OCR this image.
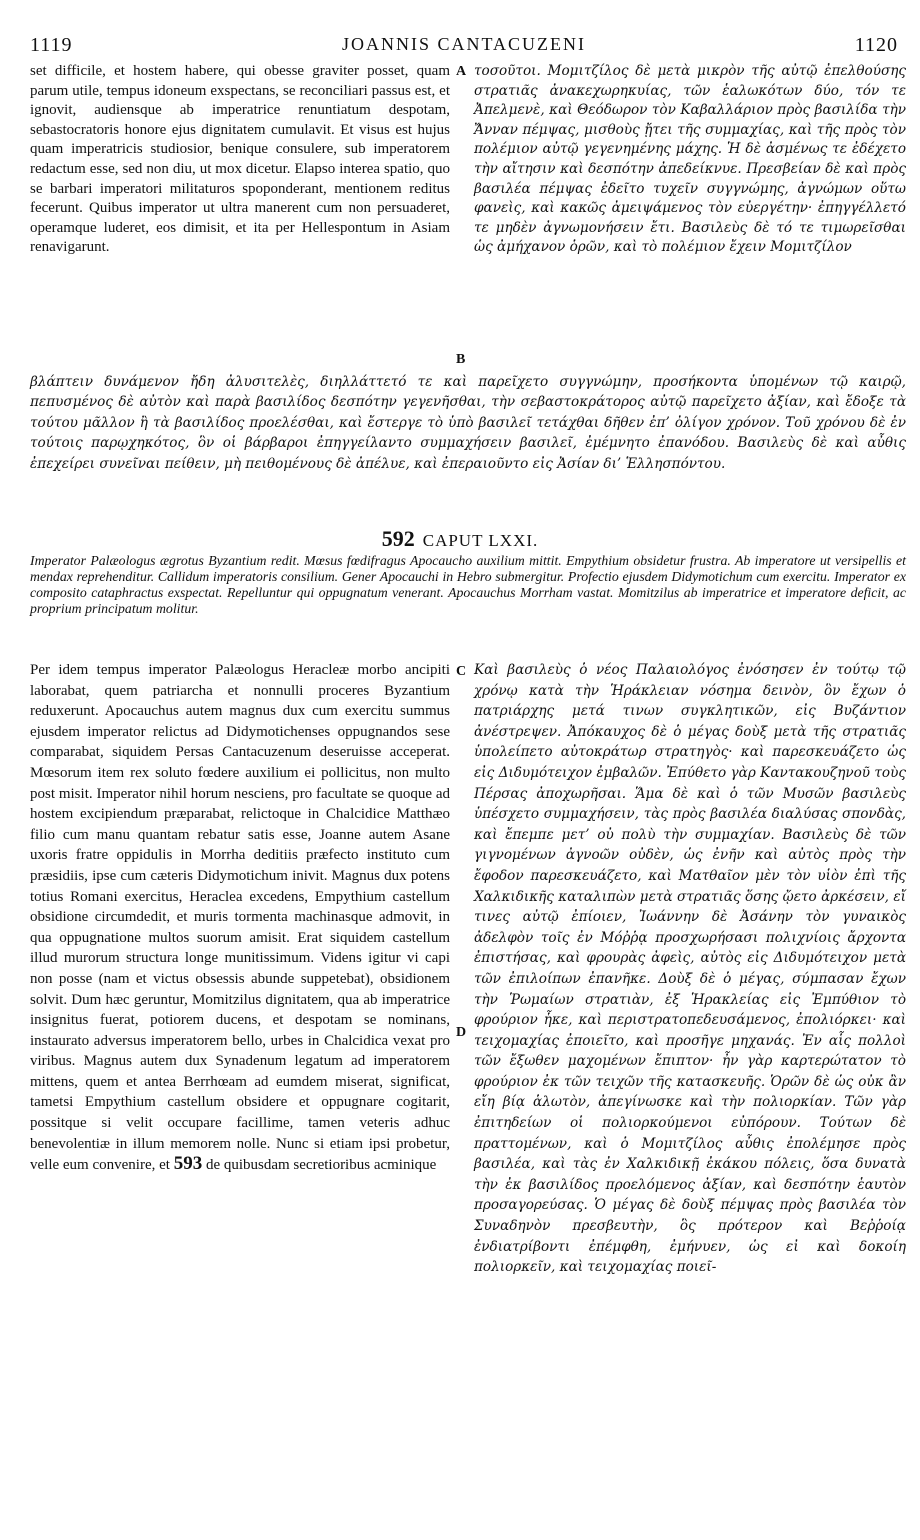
1119	JOANNIS CANTACUZENI	1120

set difficile, et hostem habere, qui obesse graviter posset, quam parum utile, tempus idoneum exspectans, se reconciliari passus est, et ignovit, audiensque ab imperatrice renuntiatum despotam, sebastocratoris honore ejus dignitatem cumulavit. Et visus est hujus quam imperatricis studiosior, benique consulere, sub imperatorem redactum esse, sed non diu, ut mox dicetur. Elapso interea spatio, quo se barbari imperatori militaturos spoponderant, mentionem reditus fecerunt. Quibus imperator ut ultra manerent cum non persuaderet, operamque luderet, eos dimisit, et ita per Hellespontum in Asiam renavigarunt.

A
B

τοσοῦτοι. Μομιτζίλος δὲ μετὰ μικρὸν τῆς αὐτῷ ἐπελθούσης στρατιᾶς ἀνακεχωρηκυίας, τῶν ἑαλωκότων δύο, τόν τε Ἀπελμενὲ, καὶ Θεόδωρον τὸν Καβαλλάριον πρὸς βασιλίδα τὴν Ἄνναν πέμψας, μισθοὺς ᾔτει τῆς συμμαχίας, καὶ τῆς πρὸς τὸν πολέμιον αὐτῷ γεγενημένης μάχης. Ἡ δὲ ἀσμένως τε ἐδέχετο τὴν αἴτησιν καὶ δεσπότην ἀπεδείκνυε. Πρεσβείαν δὲ καὶ πρὸς βασιλέα πέμψας ἐδεῖτο τυχεῖν συγγνώμης, ἀγνώμων οὕτω φανεὶς, καὶ κακῶς ἀμειψάμενος τὸν εὐεργέτην· ἐπηγγέλλετό τε μηδὲν ἀγνωμονήσειν ἔτι. Βασιλεὺς δὲ τό τε τιμωρεῖσθαι ὡς ἀμήχανον ὁρῶν, καὶ τὸ πολέμιον ἔχειν Μομιτζίλον

βλάπτειν δυνάμενον ἤδη ἀλυσιτελὲς, διηλλάττετό τε καὶ παρεῖχετο συγγνώμην, προσήκοντα ὑπομένων τῷ καιρῷ, πεπυσμένος δὲ αὐτὸν καὶ παρὰ βασιλίδος δεσπότην γεγενῆσθαι, τὴν σεβαστοκράτορος αὐτῷ παρεῖχετο ἀξίαν, καὶ ἔδοξε τὰ τούτου μᾶλλον ἢ τὰ βασιλίδος προελέσθαι, καὶ ἔστεργε τὸ ὑπὸ βασιλεῖ τετάχθαι δῆθεν ἐπ’ ὀλίγον χρόνον. Τοῦ χρόνου δὲ ἐν τούτοις παρῳχηκότος, ὃν οἱ βάρβαροι ἐπηγγείλαντο συμμαχήσειν βασιλεῖ, ἐμέμνητο ἐπανόδου. Βασιλεὺς δὲ καὶ αὖθις ἐπεχείρει συνεῖναι πείθειν, μὴ πειθομένους δὲ ἀπέλυε, καὶ ἐπεραιοῦντο εἰς Ἀσίαν δι’ Ἑλλησπόντου.
592 CAPUT LXXI.
Imperator Palæologus ægrotus Byzantium redit. Mœsus fœdifragus Apocaucho auxilium mittit. Empythium obsidetur frustra. Ab imperatore ut versipellis et mendax reprehenditur. Callidum imperatoris consilium. Gener Apocauchi in Hebro submergitur. Profectio ejusdem Didymotichum cum exercitu. Imperator ex composito cataphractus exspectat. Repelluntur qui oppugnatum venerant. Apocauchus Morrham vastat. Momitzilus ab imperatrice et imperatore deficit, ac proprium principatum molitur.

Per idem tempus imperator Palæologus Heracleæ morbo ancipiti laborabat, quem patriarcha et nonnulli proceres Byzantium reduxerunt. Apocauchus autem magnus dux cum exercitu summus ejusdem imperator relictus ad Didymotichenses oppugnandos sese comparabat, siquidem Persas Cantacuzenum deseruisse acceperat. Mœsorum item rex soluto fœdere auxilium ei pollicitus, non multo post misit. Imperator nihil horum nesciens, pro facultate se quoque ad hostem excipiendum præparabat, relictoque in Chalcidice Matthæo filio cum manu quantam rebatur satis esse, Joanne autem Asane uxoris fratre oppidulis in Morrha deditiis præfecto instituto cum præsidiis, ipse cum cæteris Didymotichum inivit. Magnus dux potens totius Romani exercitus, Heraclea excedens, Empythium castellum obsidione circumdedit, et muris tormenta machinasque admovit, in qua oppugnatione multos suorum amisit. Erat siquidem castellum illud murorum structura longe munitissimum. Videns igitur vi capi non posse (nam et victus obsessis abunde suppetebat), obsidionem solvit. Dum hæc geruntur, Momitzilus dignitatem, qua ab imperatrice insignitus fuerat, potiorem ducens, et despotam se nominans, instaurato adversus imperatorem bello, urbes in Chalcidica vexat pro viribus. Magnus autem dux Synadenum legatum ad imperatorem mittens, quem et antea Berrhœam ad eumdem miserat, significat, tametsi Empythium castellum obsidere et oppugnare cogitarit, possitque si velit occupare facillime, tamen veteris adhuc benevolentiæ in illum memorem nolle. Nunc si etiam ipsi probetur, velle eum convenire, et 593 de quibusdam secretioribus acminique

C
D

Καὶ βασιλεὺς ὁ νέος Παλαιολόγος ἐνόσησεν ἐν τούτῳ τῷ χρόνῳ κατὰ τὴν Ἡράκλειαν νόσημα δεινὸν, ὃν ἔχων ὁ πατριάρχης μετά τινων συγκλητικῶν, εἰς Βυζάντιον ἀνέστρεψεν. Ἀπόκαυχος δὲ ὁ μέγας δοὺξ μετὰ τῆς στρατιᾶς ὑπολείπετο αὐτοκράτωρ στρατηγὸς· καὶ παρεσκευάζετο ὡς εἰς Διδυμότειχον ἐμβαλῶν. Ἐπύθετο γὰρ Καντακουζηνοῦ τοὺς Πέρσας ἀποχωρῆσαι. Ἅμα δὲ καὶ ὁ τῶν Μυσῶν βασιλεὺς ὑπέσχετο συμμαχήσειν, τὰς πρὸς βασιλέα διαλύσας σπονδὰς, καὶ ἔπεμπε μετ’ οὐ πολὺ τὴν συμμαχίαν. Βασιλεὺς δὲ τῶν γιγνομένων ἀγνοῶν οὐδὲν, ὡς ἐνῆν καὶ αὐτὸς πρὸς τὴν ἔφοδον παρεσκευάζετο, καὶ Ματθαῖον μὲν τὸν υἱὸν ἐπὶ τῆς Χαλκιδικῆς καταλιπὼν μετὰ στρατιᾶς ὅσης ᾤετο ἀρκέσειν, εἴ τινες αὐτῷ ἐπίοιεν, Ἰωάννην δὲ Ἀσάνην τὸν γυναικὸς ἀδελφὸν τοῖς ἐν Μόῤῥᾳ προσχωρήσασι πολιχνίοις ἄρχοντα ἐπιστήσας, καὶ φρουρὰς ἀφεὶς, αὐτὸς εἰς Διδυμότειχον μετὰ τῶν ἐπιλοίπων ἐπανῆκε. Δοὺξ δὲ ὁ μέγας, σύμπασαν ἔχων τὴν Ῥωμαίων στρατιὰν, ἐξ Ἡρακλείας εἰς Ἐμπύθιον τὸ φρούριον ἧκε, καὶ περιστρατοπεδευσάμενος, ἐπολιόρκει· καὶ τειχομαχίας ἐποιεῖτο, καὶ προσῆγε μηχανάς. Ἐν αἷς πολλοὶ τῶν ἔξωθεν μαχομένων ἔπιπτον· ἦν γὰρ καρτερώτατον τὸ φρούριον ἐκ τῶν τειχῶν τῆς κατασκευῆς. Ὁρῶν δὲ ὡς οὐκ ἂν εἴη βίᾳ ἁλωτὸν, ἀπεγίνωσκε καὶ τὴν πολιορκίαν. Τῶν γὰρ ἐπιτηδείων οἱ πολιορκούμενοι εὐπόρουν. Τούτων δὲ πραττομένων, καὶ ὁ Μομιτζίλος αὖθις ἐπολέμησε πρὸς βασιλέα, καὶ τὰς ἐν Χαλκιδικῇ ἐκάκου πόλεις, ὅσα δυνατὰ τὴν ἐκ βασιλίδος προελόμενος ἀξίαν, καὶ δεσπότην ἑαυτὸν προσαγορεύσας. Ὁ μέγας δὲ δοὺξ πέμψας πρὸς βασιλέα τὸν Συναδηνὸν πρεσβευτὴν, ὃς πρότερον καὶ Βεῤῥοίᾳ ἐνδιατρίβοντι ἐπέμφθη, ἐμήνυεν, ὡς εἰ καὶ δοκοίη πολιορκεῖν, καὶ τειχομαχίας ποιεῖ-
